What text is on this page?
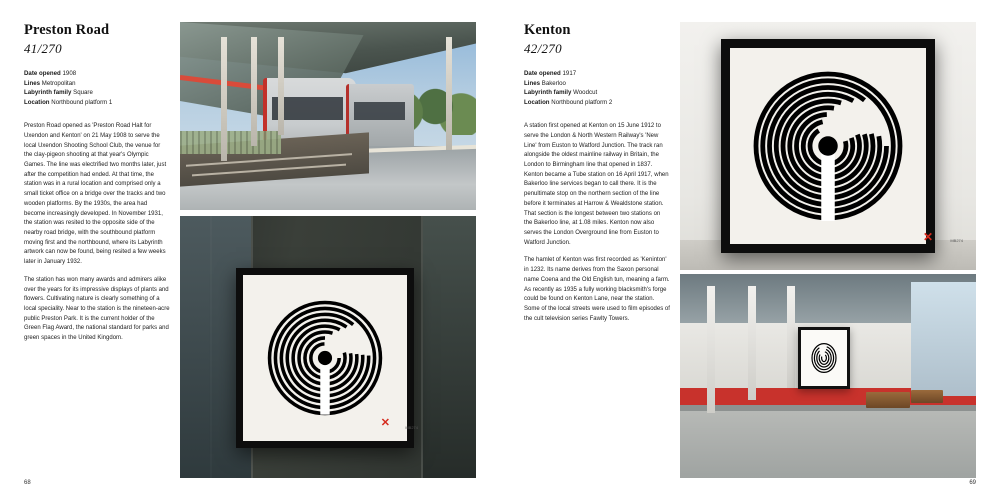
Preston Road
41/270
Date opened 1908
Lines Metropolitan
Labyrinth family Square
Location Northbound platform 1

Preston Road opened as 'Preston Road Halt for Uxendon and Kenton' on 21 May 1908 to serve the local Uxendon Shooting School Club, the venue for the clay-pigeon shooting at that year's Olympic Games. The line was electrified two months later, just after the competition had ended. At that time, the station was in a rural location and comprised only a small ticket office on a bridge over the tracks and two wooden platforms. By the 1930s, the area had become increasingly developed. In November 1931, the station was resited to the opposite side of the nearby road bridge, with the southbound platform moving first and the northbound, where its Labyrinth artwork can now be found, being resited a few weeks later in January 1932.

The station has won many awards and admirers alike over the years for its impressive displays of plants and flowers. Cultivating nature is clearly something of a local speciality. Near to the station is the nineteen-acre public Preston Park. It is the current holder of the Green Flag Award, the national standard for parks and green spaces in the United Kingdom.

✕	MB274
68
Kenton
42/270
Date opened 1917
Lines Bakerloo
Labyrinth family Woodcut
Location Northbound platform 2

A station first opened at Kenton on 15 June 1912 to serve the London & North Western Railway's 'New Line' from Euston to Watford Junction. The track ran alongside the oldest mainline railway in Britain, the London to Birmingham line that opened in 1837. Kenton became a Tube station on 16 April 1917, when Bakerloo line services began to call there. It is the penultimate stop on the northern section of the line before it terminates at Harrow & Wealdstone station. That section is the longest between two stations on the Bakerloo line, at 1.08 miles. Kenton now also serves the London Overground line from Euston to Watford Junction.

The hamlet of Kenton was first recorded as 'Keninton' in 1232. Its name derives from the Saxon personal name Coena and the Old English tun, meaning a farm. As recently as 1935 a fully working blacksmith's forge could be found on Kenton Lane, near the station. Some of the local streets were used to film episodes of the cult television series Fawlty Towers.

✕	MB274
69
